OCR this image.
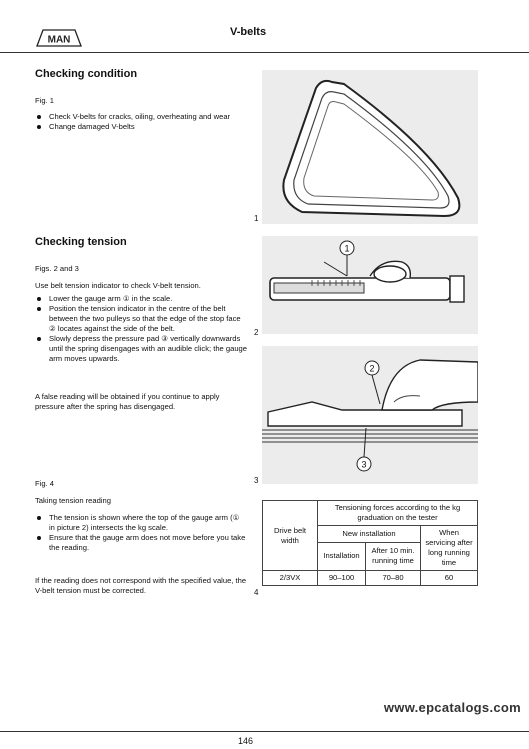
MAN
V-belts
Checking condition
Fig. 1
Check V-belts for cracks, oiling, overheating and wear
Change damaged V-belts
1
Checking tension
Figs. 2 and 3
Use belt tension indicator to check V-belt tension.
Lower the gauge arm ① in the scale.
Position the tension indicator in the centre of the belt between the two pulleys so that the edge of the stop face ② locates against the side of the belt.
Slowly depress the pressure pad ③ vertically downwards until the spring disengages with an audible click; the gauge arm moves upwards.
A false reading will be obtained if you continue to apply pressure after the spring has disengaged.
2
1
3
2
3
Fig. 4
Taking tension reading
The tension is shown where the top of the gauge arm (① in picture 2) intersects the kg scale.
Ensure that the gauge arm does not move before you take the reading.
If the reading does not correspond with the specified value, the V-belt tension must be corrected.	4
Drive belt width	Tensioning forces according to the kg graduation on the tester		
	New installation		When servicing after long running time
	Installation	After 10 min. running time	
2/3VX	90–100	70–80	60
www.epcatalogs.com
146
